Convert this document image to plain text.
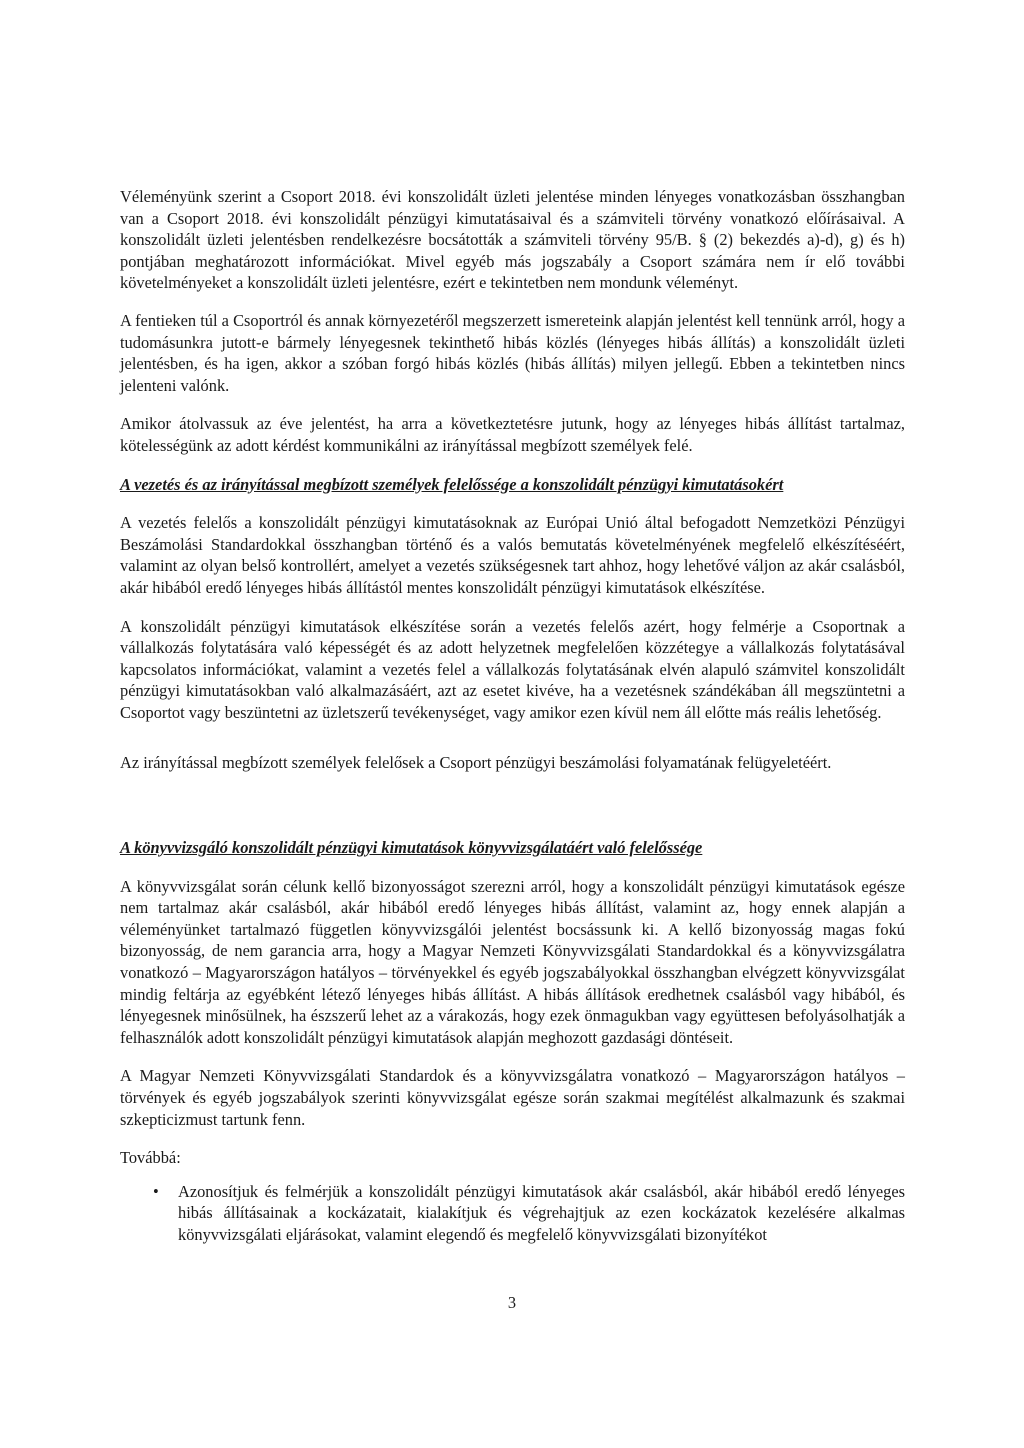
Véleményünk szerint a Csoport 2018. évi konszolidált üzleti jelentése minden lényeges vonatkozásban összhangban van a Csoport 2018. évi konszolidált pénzügyi kimutatásaival és a számviteli törvény vonatkozó előírásaival. A konszolidált üzleti jelentésben rendelkezésre bocsátották a számviteli törvény 95/B. § (2) bekezdés a)-d), g) és h) pontjában meghatározott információkat. Mivel egyéb más jogszabály a Csoport számára nem ír elő további követelményeket a konszolidált üzleti jelentésre, ezért e tekintetben nem mondunk véleményt.

A fentieken túl a Csoportról és annak környezetéről megszerzett ismereteink alapján jelentést kell tennünk arról, hogy a tudomásunkra jutott-e bármely lényegesnek tekinthető hibás közlés (lényeges hibás állítás) a konszolidált üzleti jelentésben, és ha igen, akkor a szóban forgó hibás közlés (hibás állítás) milyen jellegű. Ebben a tekintetben nincs jelenteni valónk.

Amikor átolvassuk az éve jelentést, ha arra a következtetésre jutunk, hogy az lényeges hibás állítást tartalmaz, kötelességünk az adott kérdést kommunikálni az irányítással megbízott személyek felé.

A vezetés és az irányítással megbízott személyek felelőssége a konszolidált pénzügyi kimutatásokért

A vezetés felelős a konszolidált pénzügyi kimutatásoknak az Európai Unió által befogadott Nemzetközi Pénzügyi Beszámolási Standardokkal összhangban történő és a valós bemutatás követelményének megfelelő elkészítéséért, valamint az olyan belső kontrollért, amelyet a vezetés szükségesnek tart ahhoz, hogy lehetővé váljon az akár csalásból, akár hibából eredő lényeges hibás állítástól mentes konszolidált pénzügyi kimutatások elkészítése.

A konszolidált pénzügyi kimutatások elkészítése során a vezetés felelős azért, hogy felmérje a Csoportnak a vállalkozás folytatására való képességét és az adott helyzetnek megfelelően közzétegye a vállalkozás folytatásával kapcsolatos információkat, valamint a vezetés felel a vállalkozás folytatásának elvén alapuló számvitel konszolidált pénzügyi kimutatásokban való alkalmazásáért, azt az esetet kivéve, ha a vezetésnek szándékában áll megszüntetni a Csoportot vagy beszüntetni az üzletszerű tevékenységet, vagy amikor ezen kívül nem áll előtte más reális lehetőség.

Az irányítással megbízott személyek felelősek a Csoport pénzügyi beszámolási folyamatának felügyeletéért.

A könyvvizsgáló konszolidált pénzügyi kimutatások könyvvizsgálatáért való felelőssége

A könyvvizsgálat során célunk kellő bizonyosságot szerezni arról, hogy a konszolidált pénzügyi kimutatások egésze nem tartalmaz akár csalásból, akár hibából eredő lényeges hibás állítást, valamint az, hogy ennek alapján a véleményünket tartalmazó független könyvvizsgálói jelentést bocsássunk ki. A kellő bizonyosság magas fokú bizonyosság, de nem garancia arra, hogy a Magyar Nemzeti Könyvvizsgálati Standardokkal és a könyvvizsgálatra vonatkozó – Magyarországon hatályos – törvényekkel és egyéb jogszabályokkal összhangban elvégzett könyvvizsgálat mindig feltárja az egyébként létező lényeges hibás állítást. A hibás állítások eredhetnek csalásból vagy hibából, és lényegesnek minősülnek, ha észszerű lehet az a várakozás, hogy ezek önmagukban vagy együttesen befolyásolhatják a felhasználók adott konszolidált pénzügyi kimutatások alapján meghozott gazdasági döntéseit.

A Magyar Nemzeti Könyvvizsgálati Standardok és a könyvvizsgálatra vonatkozó – Magyarországon hatályos – törvények és egyéb jogszabályok szerinti könyvvizsgálat egésze során szakmai megítélést alkalmazunk és szakmai szkepticizmust tartunk fenn.

Továbbá:

• Azonosítjuk és felmérjük a konszolidált pénzügyi kimutatások akár csalásból, akár hibából eredő lényeges hibás állításainak a kockázatait, kialakítjuk és végrehajtjuk az ezen kockázatok kezelésére alkalmas könyvvizsgálati eljárásokat, valamint elegendő és megfelelő könyvvizsgálati bizonyítékot
3
